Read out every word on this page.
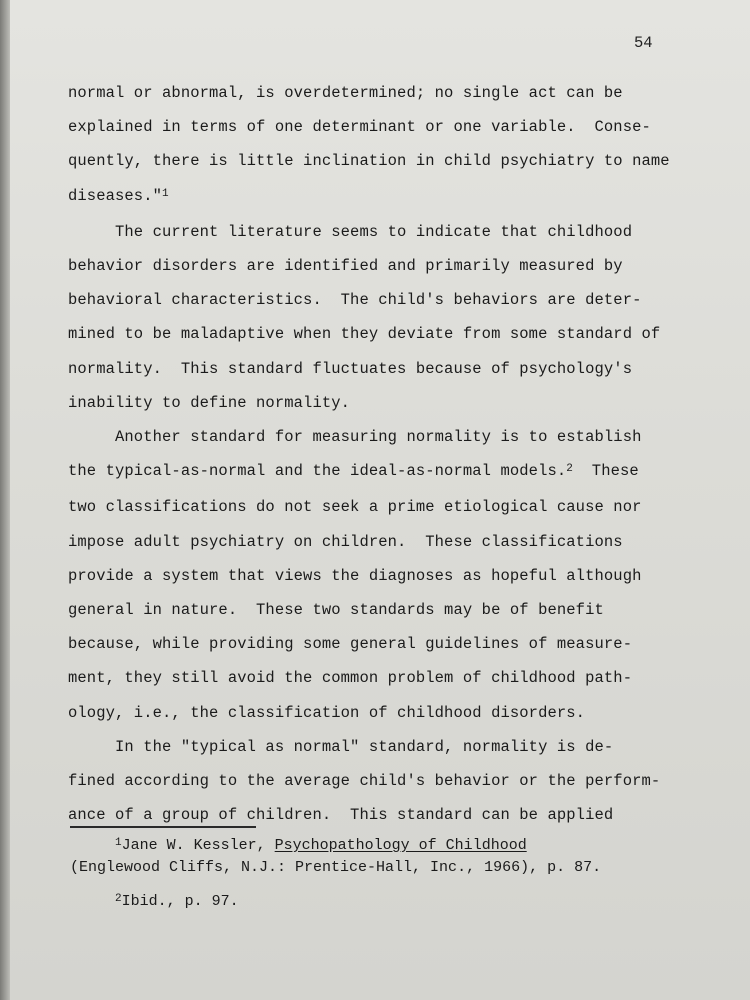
54
normal or abnormal, is overdetermined; no single act can be
explained in terms of one determinant or one variable.  Conse-
quently, there is little inclination in child psychiatry to name
diseases."$^1$
The current literature seems to indicate that childhood
behavior disorders are identified and primarily measured by
behavioral characteristics.  The child's behaviors are deter-
mined to be maladaptive when they deviate from some standard of
normality.  This standard fluctuates because of psychology's
inability to define normality.
Another standard for measuring normality is to establish
the typical-as-normal and the ideal-as-normal models.$^2$  These
two classifications do not seek a prime etiological cause nor
impose adult psychiatry on children.  These classifications
provide a system that views the diagnoses as hopeful although
general in nature.  These two standards may be of benefit
because, while providing some general guidelines of measure-
ment, they still avoid the common problem of childhood path-
ology, i.e., the classification of childhood disorders.
In the "typical as normal" standard, normality is de-
fined according to the average child's behavior or the perform-
ance of a group of children.  This standard can be applied
$^1$Jane W. Kessler, Psychopathology of Childhood
(Englewood Cliffs, N.J.: Prentice-Hall, Inc., 1966), p. 87.
$^2$Ibid., p. 97.
